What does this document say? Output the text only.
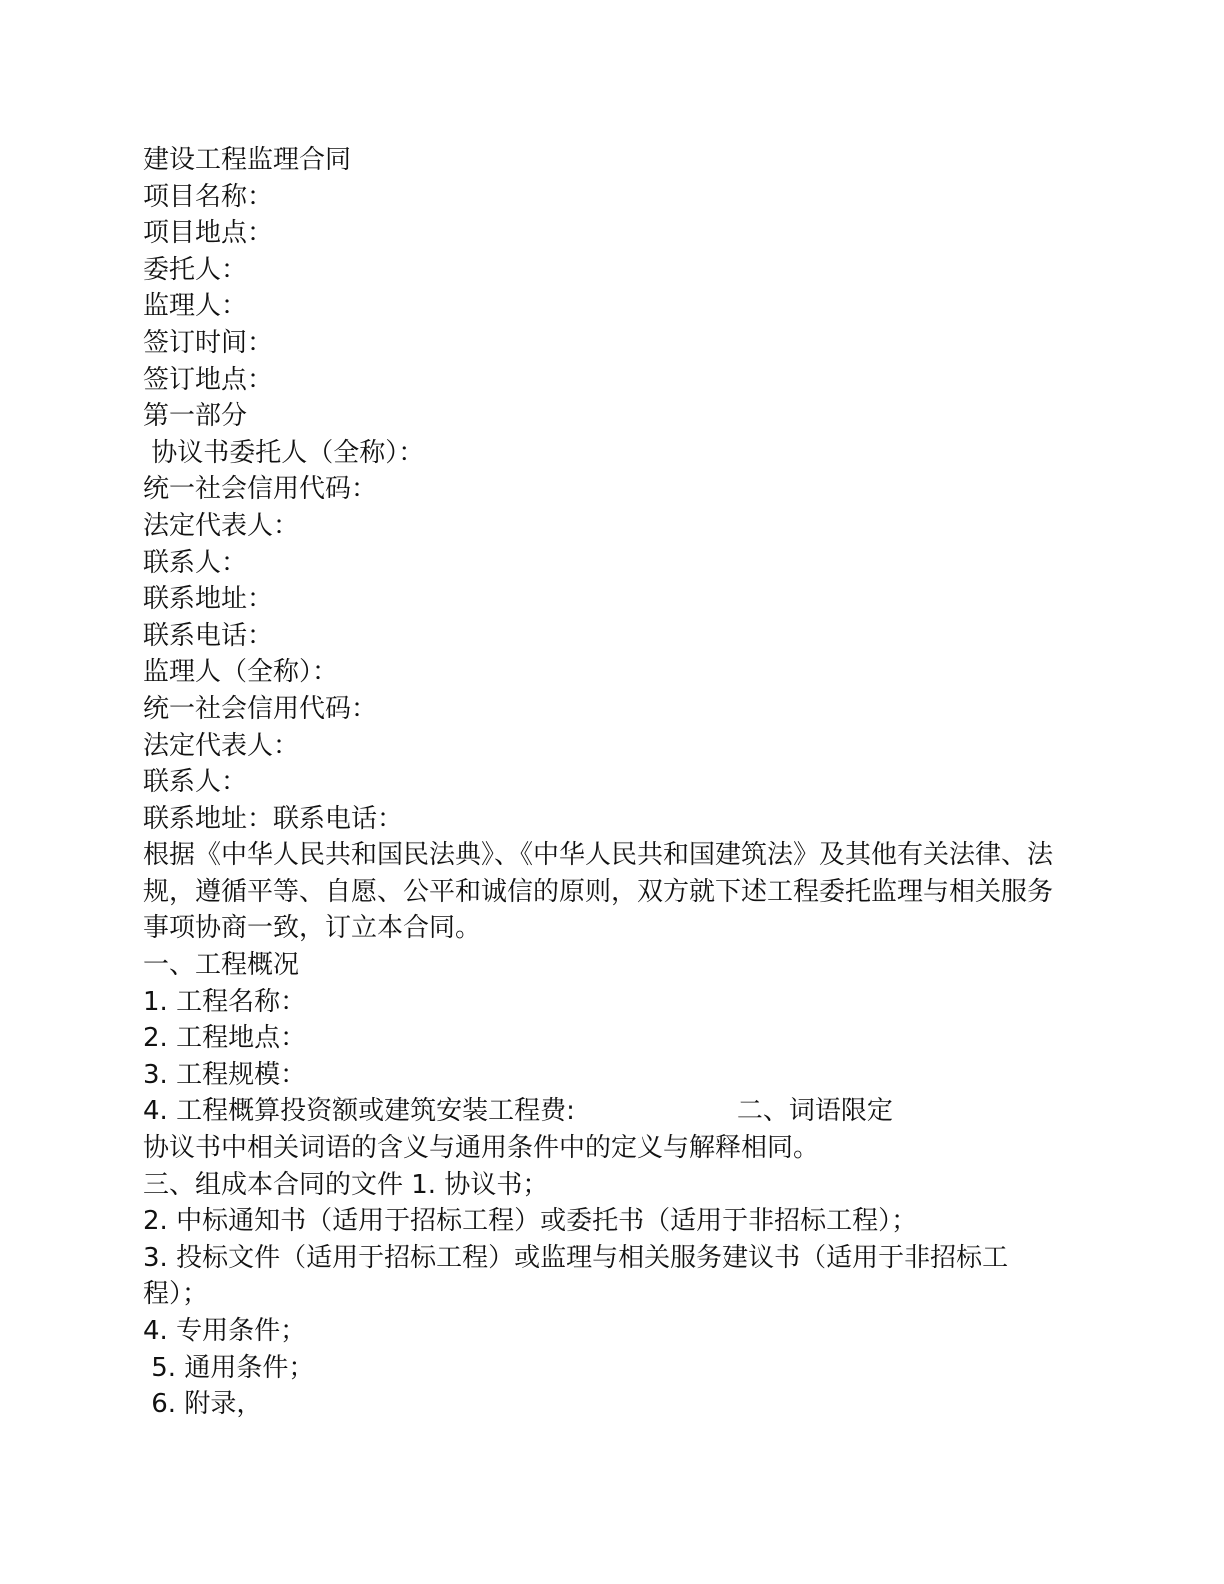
建设工程监理合同
项目名称：
项目地点：
委托人：
监理人：
签订时间：
签订地点：
第一部分
协议书委托人（全称）：
统一社会信用代码：
法定代表人：
联系人：
联系地址：
联系电话：
监理人（全称）：
统一社会信用代码：
法定代表人：
联系人：
联系地址：联系电话：
根据《中华人民共和国民法典》、《中华人民共和国建筑法》及其他有关法律、法规，遵循平等、自愿、公平和诚信的原则，双方就下述工程委托监理与相关服务事项协商一致，订立本合同。
一、工程概况
1. 工程名称：
2. 工程地点：
3. 工程规模：
4. 工程概算投资额或建筑安装工程费:	二、词语限定
协议书中相关词语的含义与通用条件中的定义与解释相同。
三、组成本合同的文件 1. 协议书；
2. 中标通知书（适用于招标工程）或委托书（适用于非招标工程）；
3. 投标文件（适用于招标工程）或监理与相关服务建议书（适用于非招标工程）；
4. 专用条件；
5. 通用条件；
6. 附录，
